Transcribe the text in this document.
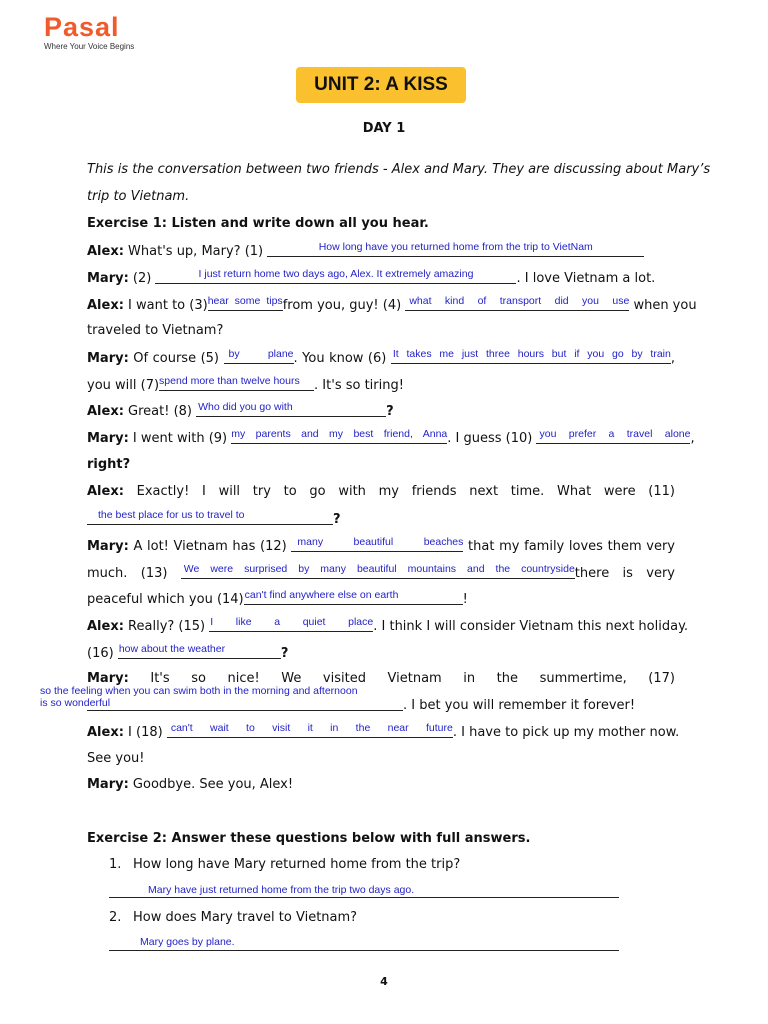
Pasal
Where Your Voice Begins
UNIT 2: A KISS
DAY 1
This is the conversation between two friends - Alex and Mary. They are discussing about Mary’s
trip to Vietnam.
Exercise 1: Listen and write down all you hear.
Alex: What's up, Mary? (1)	How long have you returned home from the trip to VietNam
Mary: (2)	I just return home two days ago, Alex. It extremely amazing	. I love Vietnam a lot.
Alex: I want to (3) hear some tips from you, guy! (4) what kind of transport did you use when you
traveled to Vietnam?
Mary: Of course (5) by plane . You know (6) It takes me just three hours but if you go by train ,
you will (7) spend more than twelve hours	. It's so tiring!
Alex: Great! (8) Who did you go with	?
Mary: I went with (9) my parents and my best friend, Anna . I guess (10) you prefer a travel alone ,
right?
Alex: Exactly! I will try to go with my friends next time. What were (11)
the best place for us to travel to	?
Mary: A lot! Vietnam has (12) many beautiful beaches that my family loves them very
much. (13) We were surprised by many beautiful mountains and the countryside there is very
peaceful which you (14) can't find anywhere else on earth	!
Alex: Really? (15) I like a quiet place . I think I will consider Vietnam this next holiday.
(16) how about the weather	?
Mary: It's so nice! We visited Vietnam in the summertime, (17)
so the feeling when you can swim both in the morning and afternoon
is so wonderful	. I bet you will remember it forever!
Alex: I (18) can't wait to visit it in the near future . I have to pick up my mother now.
See you!
Mary: Goodbye. See you, Alex!
Exercise 2: Answer these questions below with full answers.
1. How long have Mary returned home from the trip?
Mary have just returned home from the trip two days ago.
2. How does Mary travel to Vietnam?
Mary goes by plane.
4
